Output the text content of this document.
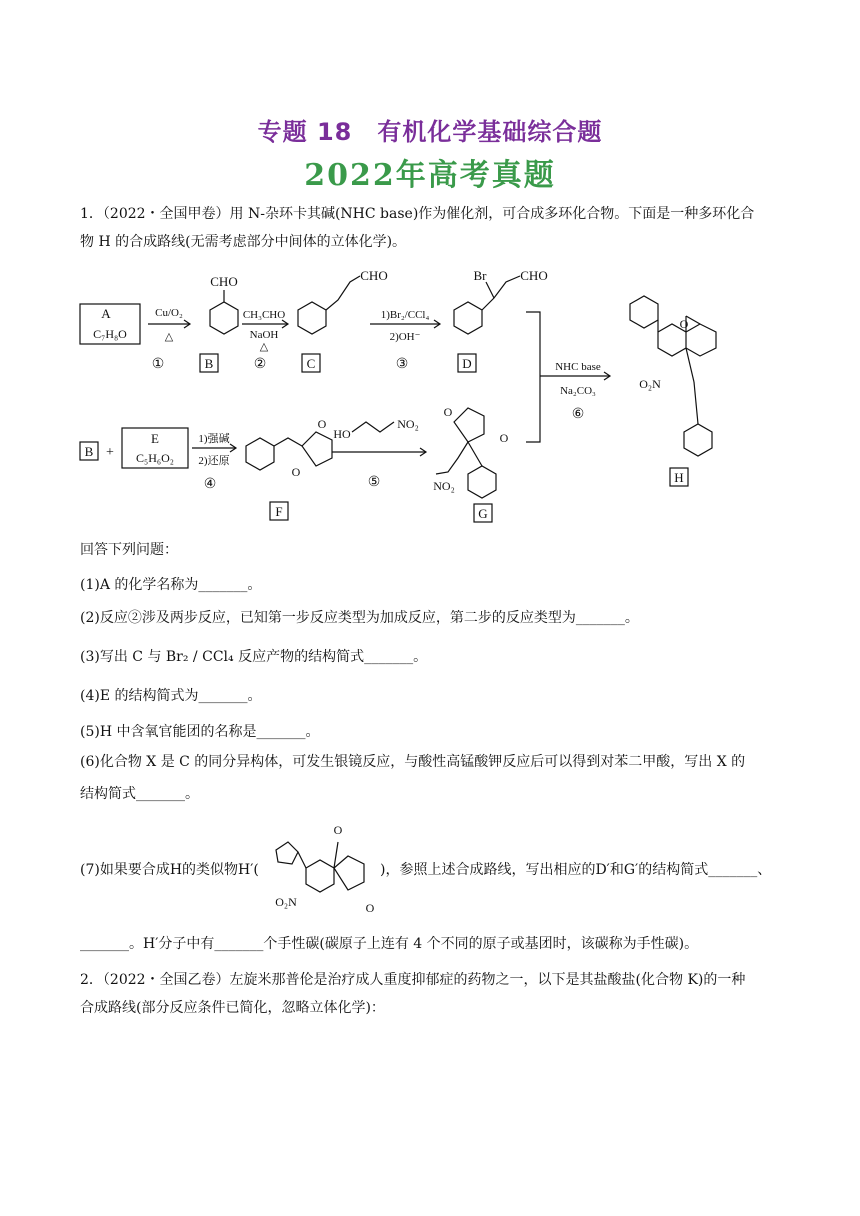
专题 18　有机化学基础综合题
2022年高考真题
1．（2022・全国甲卷）用 N-杂环卡其碱(NHC base)作为催化剂，可合成多环化合物。下面是一种多环化合
物 H 的合成路线(无需考虑部分中间体的立体化学)。
A
C₇H₈O
Cu/O₂
△
①
CHO
B
CH₃CHO
NaOH
△
②
CHO
C
1)Br₂/CCl₄
2)OH⁻
③
Br	CHO
D	NHC base
Na₂CO₃
⑥
O
O₂N
H
B +
E
C₅H₆O₂
1)强碱
2)还原
④
O
O
F
HO
NO₂
⑤
O
O
NO₂
G
回答下列问题：
(1)A 的化学名称为_______。
(2)反应②涉及两步反应，已知第一步反应类型为加成反应，第二步的反应类型为_______。
(3)写出 C 与 Br₂ / CCl₄ 反应产物的结构简式_______。
(4)E 的结构简式为_______。
(5)H 中含氧官能团的名称是_______。
(6)化合物 X 是 C 的同分异构体，可发生银镜反应，与酸性高锰酸钾反应后可以得到对苯二甲酸，写出 X 的
结构简式_______。
(7)如果要合成H的类似物H′(
O
O₂N	O
)，参照上述合成路线，写出相应的D′和G′的结构简式_______、
_______。H′分子中有_______个手性碳(碳原子上连有 4 个不同的原子或基团时，该碳称为手性碳)。
2．（2022・全国乙卷）左旋米那普伦是治疗成人重度抑郁症的药物之一，以下是其盐酸盐(化合物 K)的一种
合成路线(部分反应条件已简化，忽略立体化学)：
